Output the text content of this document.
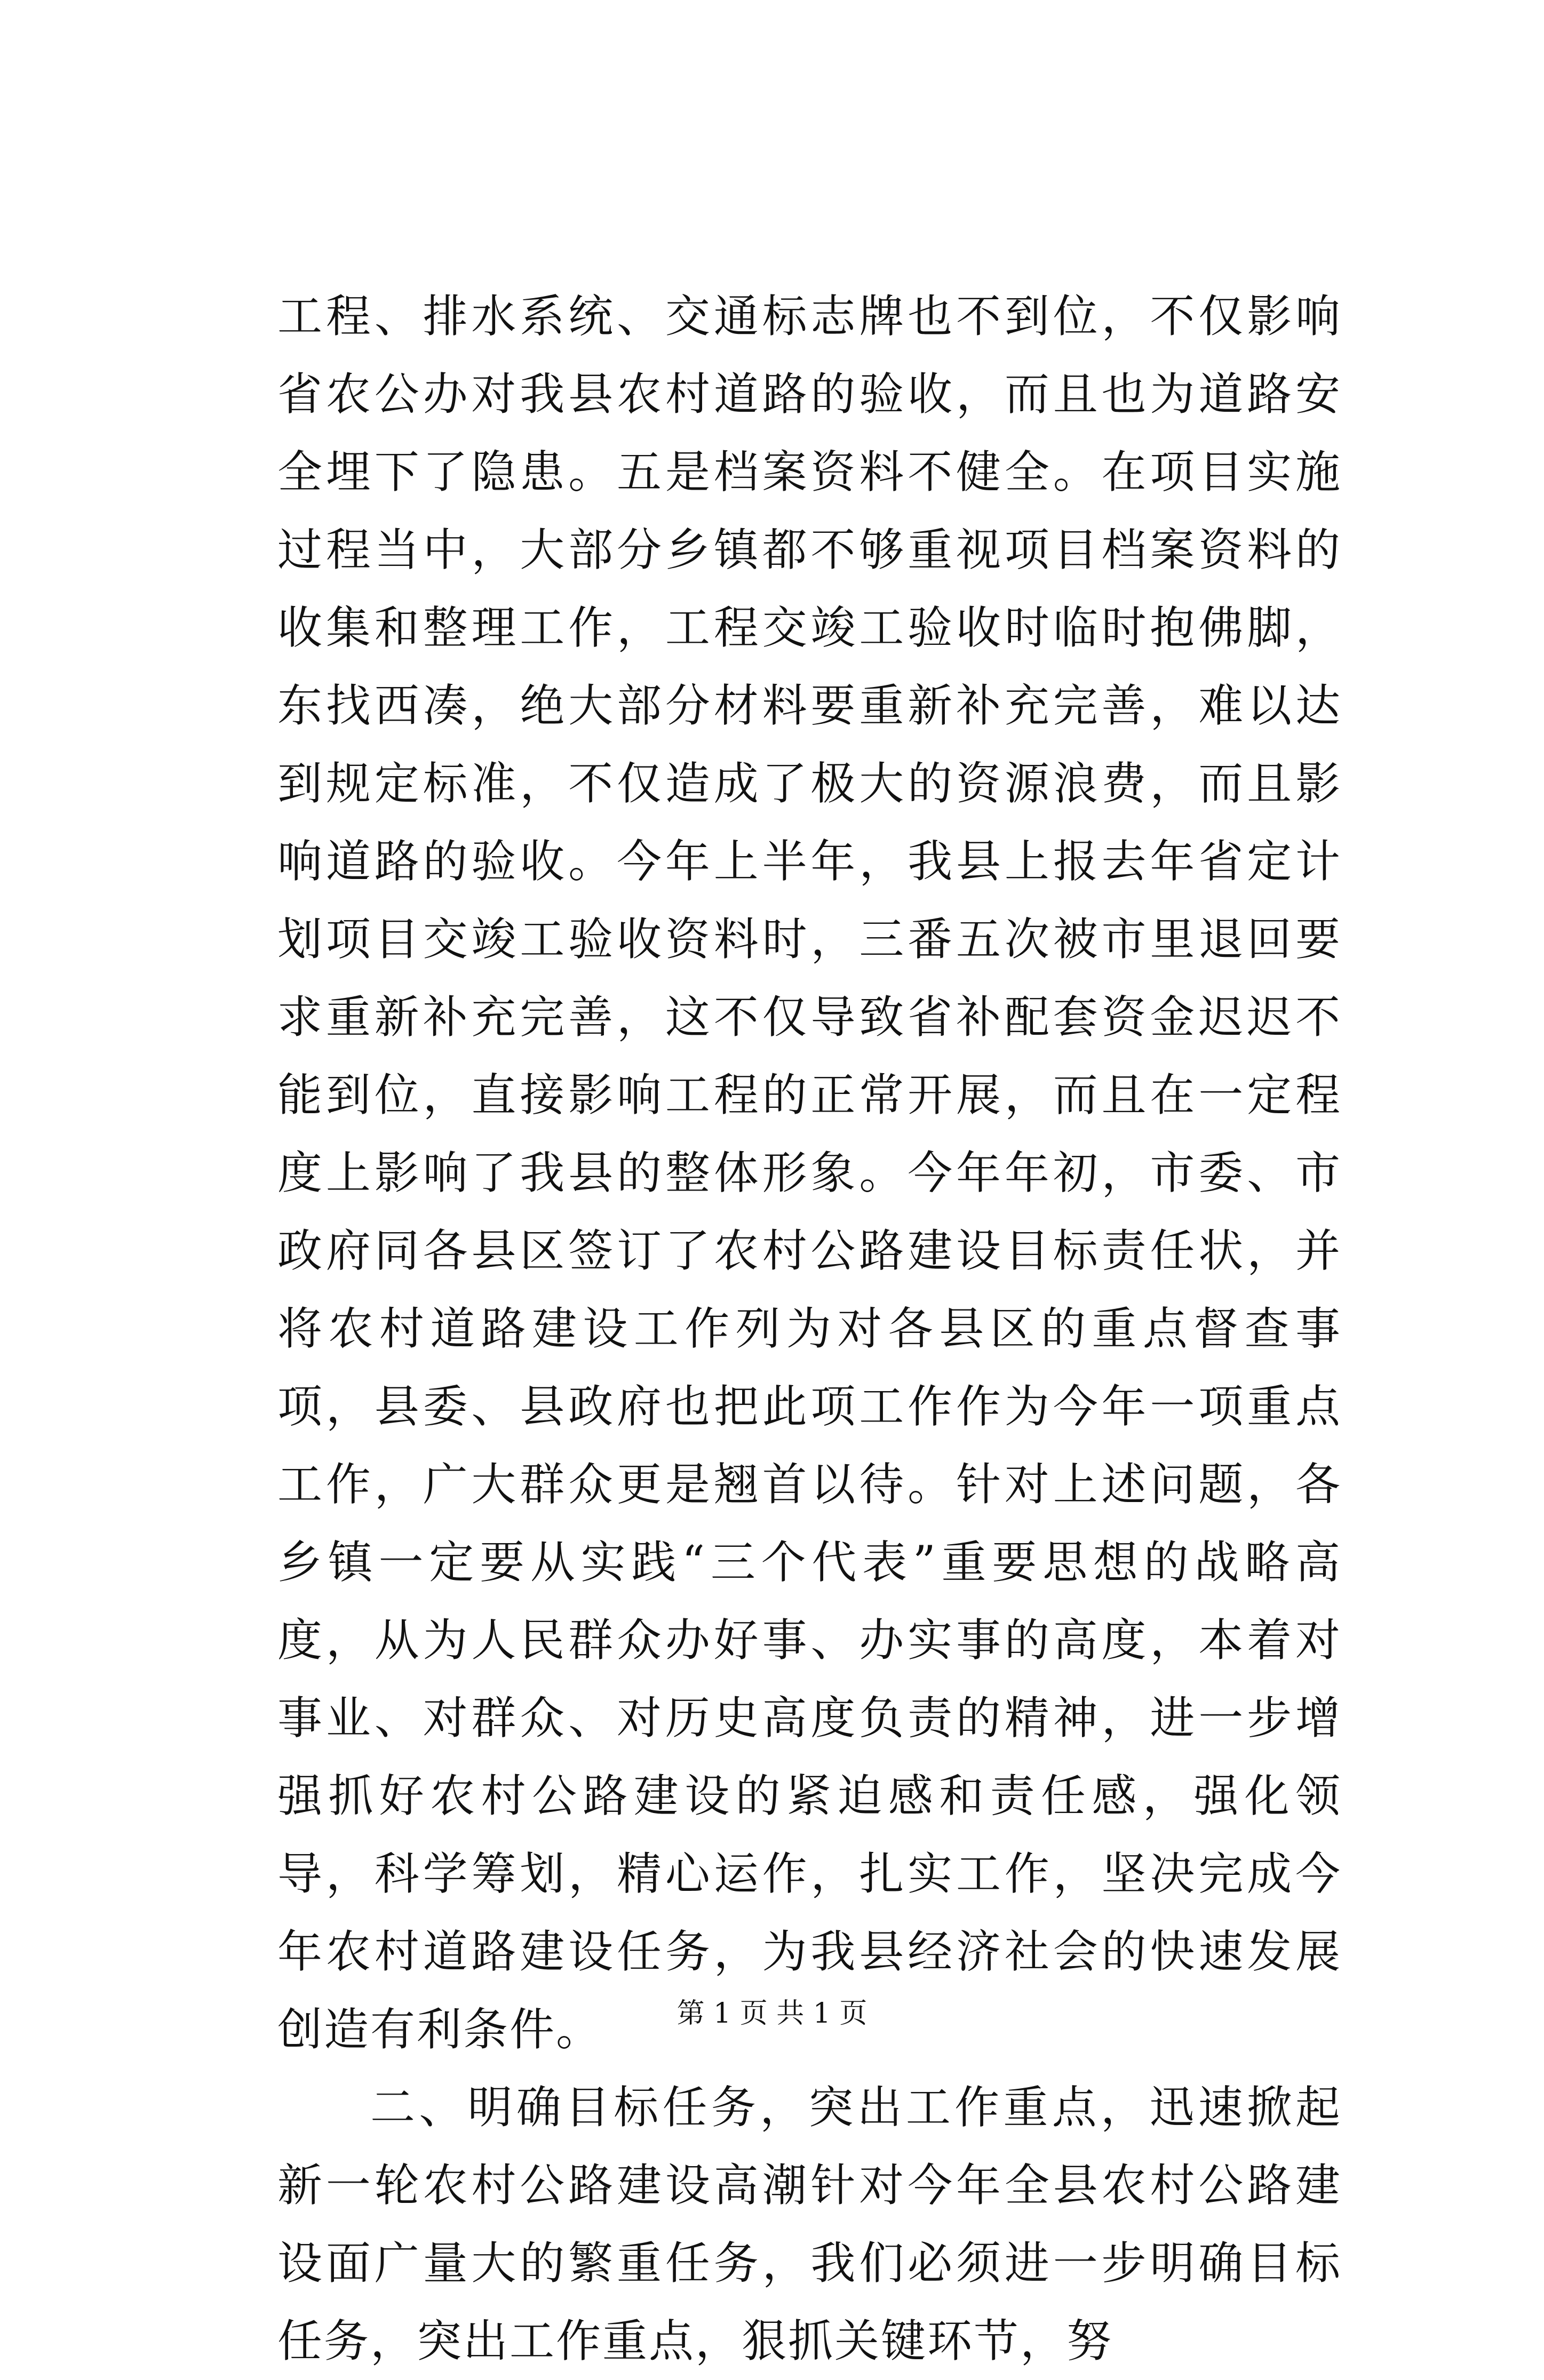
工程、排水系统、交通标志牌也不到位，不仅影响省农公办对我县农村道路的验收，而且也为道路安全埋下了隐患。五是档案资料不健全。在项目实施过程当中，大部分乡镇都不够重视项目档案资料的收集和整理工作，工程交竣工验收时临时抱佛脚，东找西凑，绝大部分材料要重新补充完善，难以达到规定标准，不仅造成了极大的资源浪费，而且影响道路的验收。今年上半年，我县上报去年省定计划项目交竣工验收资料时，三番五次被市里退回要求重新补充完善，这不仅导致省补配套资金迟迟不能到位，直接影响工程的正常开展，而且在一定程度上影响了我县的整体形象。今年年初，市委、市政府同各县区签订了农村公路建设目标责任状，并将农村道路建设工作列为对各县区的重点督查事项，县委、县政府也把此项工作作为今年一项重点工作，广大群众更是翘首以待。针对上述问题，各乡镇一定要从实践“三个代表”重要思想的战略高度，从为人民群众办好事、办实事的高度，本着对事业、对群众、对历史高度负责的精神，进一步增强抓好农村公路建设的紧迫感和责任感，强化领导，科学筹划，精心运作，扎实工作，坚决完成今年农村道路建设任务，为我县经济社会的快速发展创造有利条件。

二、明确目标任务，突出工作重点，迅速掀起新一轮农村公路建设高潮针对今年全县农村公路建设面广量大的繁重任务，我们必须进一步明确目标任务，突出工作重点，狠抓关键环节，努

第 1 页 共 1 页
